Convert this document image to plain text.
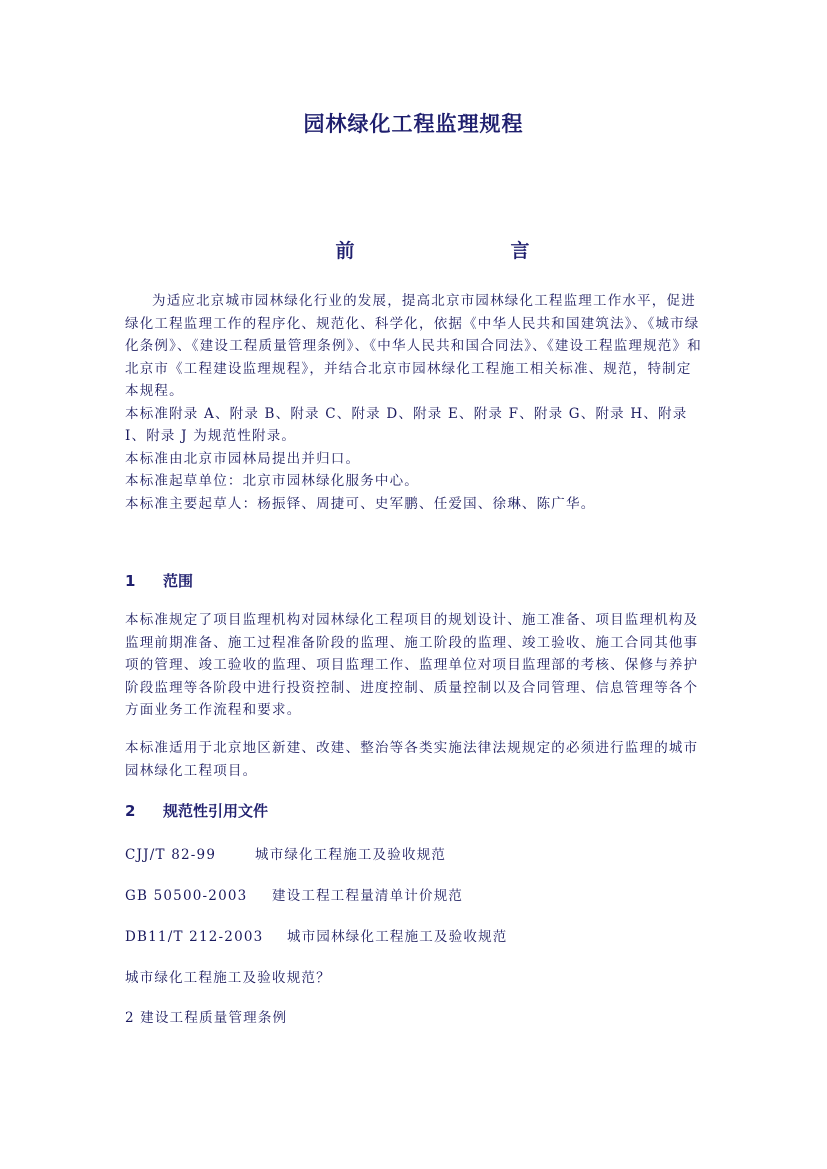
园林绿化工程监理规程
前	言

为适应北京城市园林绿化行业的发展，提高北京市园林绿化工程监理工作水平，促进绿化工程监理工作的程序化、规范化、科学化，依据《中华人民共和国建筑法》、《城市绿化条例》、《建设工程质量管理条例》、《中华人民共和国合同法》、《建设工程监理规范》和北京市《工程建设监理规程》，并结合北京市园林绿化工程施工相关标准、规范，特制定本规程。

本标准附录 A、附录 B、附录 C、附录 D、附录 E、附录 F、附录 G、附录 H、附录 I、附录 J 为规范性附录。

本标准由北京市园林局提出并归口。

本标准起草单位：北京市园林绿化服务中心。

本标准主要起草人：杨振铎、周捷可、史军鹏、任爱国、徐琳、陈广华。

1 范围

本标准规定了项目监理机构对园林绿化工程项目的规划设计、施工准备、项目监理机构及监理前期准备、施工过程准备阶段的监理、施工阶段的监理、竣工验收、施工合同其他事项的管理、竣工验收的监理、项目监理工作、监理单位对项目监理部的考核、保修与养护阶段监理等各阶段中进行投资控制、进度控制、质量控制以及合同管理、信息管理等各个方面业务工作流程和要求。

本标准适用于北京地区新建、改建、整治等各类实施法律法规规定的必须进行监理的城市园林绿化工程项目。

2 规范性引用文件
CJJ/T 82-99	城市绿化工程施工及验收规范
GB 50500-2003 建设工程工程量清单计价规范
DB11/T 212-2003 城市园林绿化工程施工及验收规范
城市绿化工程施工及验收规范？
2 建设工程质量管理条例
